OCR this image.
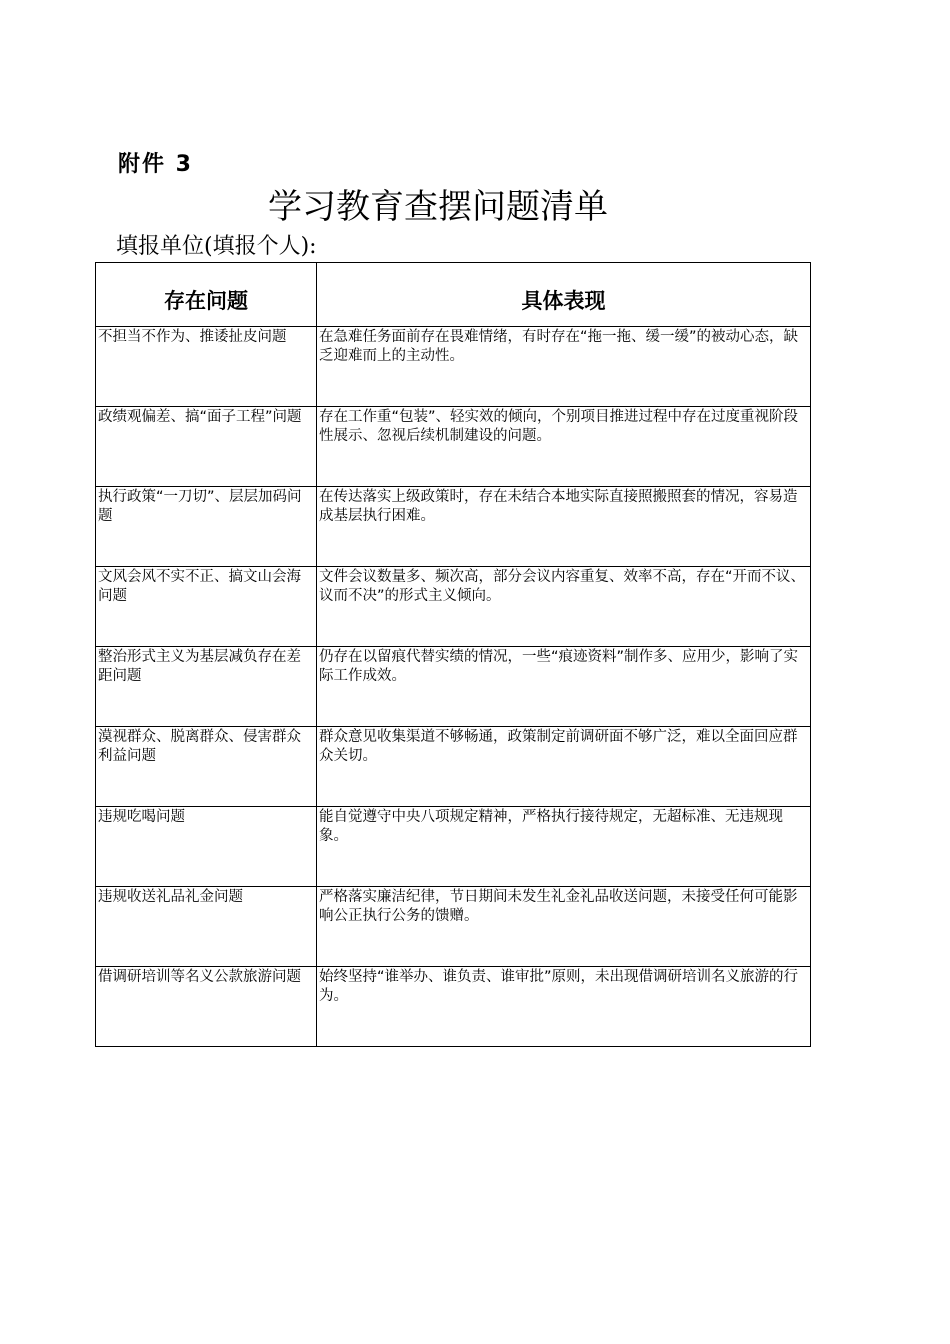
附件 3
学习教育查摆问题清单
填报单位(填报个人):
存在问题	具体表现
不担当不作为、推诿扯皮问题	在急难任务面前存在畏难情绪，有时存在“拖一拖、缓一缓”的被动心态，缺乏迎难而上的主动性。
政绩观偏差、搞“面子工程”问题	存在工作重“包装”、轻实效的倾向，个别项目推进过程中存在过度重视阶段性展示、忽视后续机制建设的问题。
执行政策“一刀切”、层层加码问题	在传达落实上级政策时，存在未结合本地实际直接照搬照套的情况，容易造成基层执行困难。
文风会风不实不正、搞文山会海问题	文件会议数量多、频次高，部分会议内容重复、效率不高，存在“开而不议、议而不决”的形式主义倾向。
整治形式主义为基层减负存在差距问题	仍存在以留痕代替实绩的情况，一些“痕迹资料”制作多、应用少，影响了实际工作成效。
漠视群众、脱离群众、侵害群众利益问题	群众意见收集渠道不够畅通，政策制定前调研面不够广泛，难以全面回应群众关切。
违规吃喝问题	能自觉遵守中央八项规定精神，严格执行接待规定，无超标准、无违规现象。
违规收送礼品礼金问题	严格落实廉洁纪律，节日期间未发生礼金礼品收送问题，未接受任何可能影响公正执行公务的馈赠。
借调研培训等名义公款旅游问题	始终坚持“谁举办、谁负责、谁审批”原则，未出现借调研培训名义旅游的行为。
